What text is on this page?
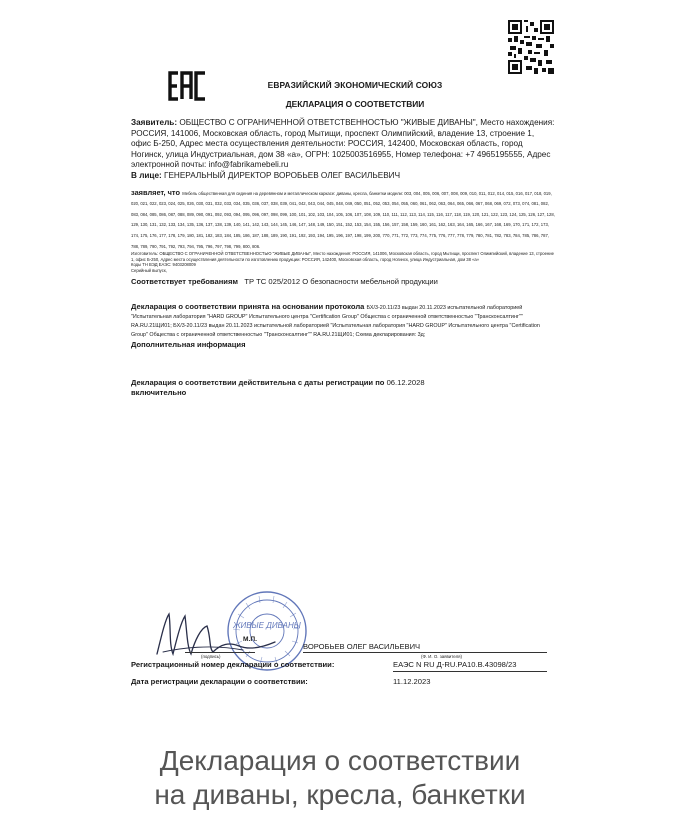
ЕВРАЗИЙСКИЙ ЭКОНОМИЧЕСКИЙ СОЮЗ
ДЕКЛАРАЦИЯ О СООТВЕТСТВИИ
Заявитель: ОБЩЕСТВО С ОГРАНИЧЕННОЙ ОТВЕТСТВЕННОСТЬЮ "ЖИВЫЕ ДИВАНЫ", Место нахождения: РОССИЯ, 141006, Московская область, город Мытищи, проспект Олимпийский, владение 13, строение 1, офис Б-250, Адрес места осуществления деятельности: РОССИЯ, 142400, Московская область, город Ногинск, улица Индустриальная, дом 38 «а», ОГРН: 1025003516955, Номер телефона: +7 4965195555, Адрес электронной почты: info@fabrikamebeli.ru
В лице: ГЕНЕРАЛЬНЫЙ ДИРЕКТОР ВОРОБЬЕВ ОЛЕГ ВАСИЛЬЕВИЧ
заявляет, что Мебель общественная для сидения на деревянном и металлическом каркасе: диваны, кресла, банкетки модели: 003, 004, 005, 006, 007, 008, 009, 010, 011, 012, 014, 015, 016, 017, 018, 019, 020, 021, 022, 023, 024, 025, 026, 030, 031, 032, 033, 034, 035, 036, 037, 038, 039, 041, 042, 043, 044, 045, 048, 049, 050, 051, 052, 053, 054, 055, 060, 061, 062, 063, 064, 065, 066, 067, 068, 069, 072, 073, 074, 081, 082, 083, 084, 085, 086, 087, 088, 089, 090, 091, 092, 093, 094, 095, 096, 097, 098, 099, 100, 101, 102, 103, 104, 105, 106, 107, 108, 109, 110, 111, 112, 113, 114, 115, 116, 117, 118, 119, 120, 121, 122, 123, 124, 125, 126, 127, 128, 129, 130, 131, 132, 133, 134, 135, 136, 137, 138, 139, 140, 141, 142, 143, 144, 145, 146, 147, 148, 149, 150, 151, 152, 153, 154, 155, 156, 157, 158, 159, 160, 161, 162, 163, 164, 165, 166, 167, 168, 169, 170, 171, 172, 173, 174, 175, 176, 177, 178, 179, 180, 181, 182, 183, 184, 185, 186, 187, 188, 189, 190, 191, 192, 193, 194, 195, 196, 197, 198, 199, 200, 770, 771, 772, 773, 774, 775, 776, 777, 778, 779, 780, 781, 782, 783, 784, 785, 786, 787, 788, 789, 790, 791, 792, 793, 794, 795, 796, 797, 798, 799, 800, 806.
Изготовитель: ОБЩЕСТВО С ОГРАНИЧЕННОЙ ОТВЕТСТВЕННОСТЬЮ "ЖИВЫЕ ДИВАНЫ", Место нахождения: РОССИЯ, 141006, Московская область, город Мытищи, проспект Олимпийский, владение 13, строение 1, офис Б-250, Адрес места осуществления деятельности по изготовлению продукции: РОССИЯ, 142400, Московская область, город Ногинск, улица Индустриальная, дом 38 «а»
Коды ТН ВЭД ЕАЭС: 9403208009
Серийный выпуск,
Соответствует требованиям ТР ТС 025/2012 О безопасности мебельной продукции
Декларация о соответствии принята на основании протокола БХ/3-20.11/23 выдан 20.11.2023 испытательной лабораторией "Испытательная лаборатория "HARD GROUP" Испытательного центра "Certification Group" Общества с ограниченной ответственностью "Трансконсалтинг"" RA.RU.21ЩИ01; БХ/3-20.11/23 выдан 20.11.2023 испытательной лабораторией "Испытательная лаборатория "HARD GROUP" Испытательного центра "Certification Group" Общества с ограниченной ответственностью "Трансконсалтинг"" RA.RU.21ЩИ01; Схема декларирования: 3д;
Дополнительная информация
Декларация о соответствии действительна с даты регистрации по 06.12.2028
включительно
ЖИВЫЕ ДИВАНЫ
(подпись)
М.П.
ВОРОБЬЕВ ОЛЕГ ВАСИЛЬЕВИЧ
(Ф. И. О. заявителя)
Регистрационный номер декларации о соответствии:	ЕАЭС N RU Д-RU.РА10.В.43098/23
Дата регистрации декларации о соответствии:	11.12.2023
Декларация о соответствии
на диваны, кресла, банкетки
